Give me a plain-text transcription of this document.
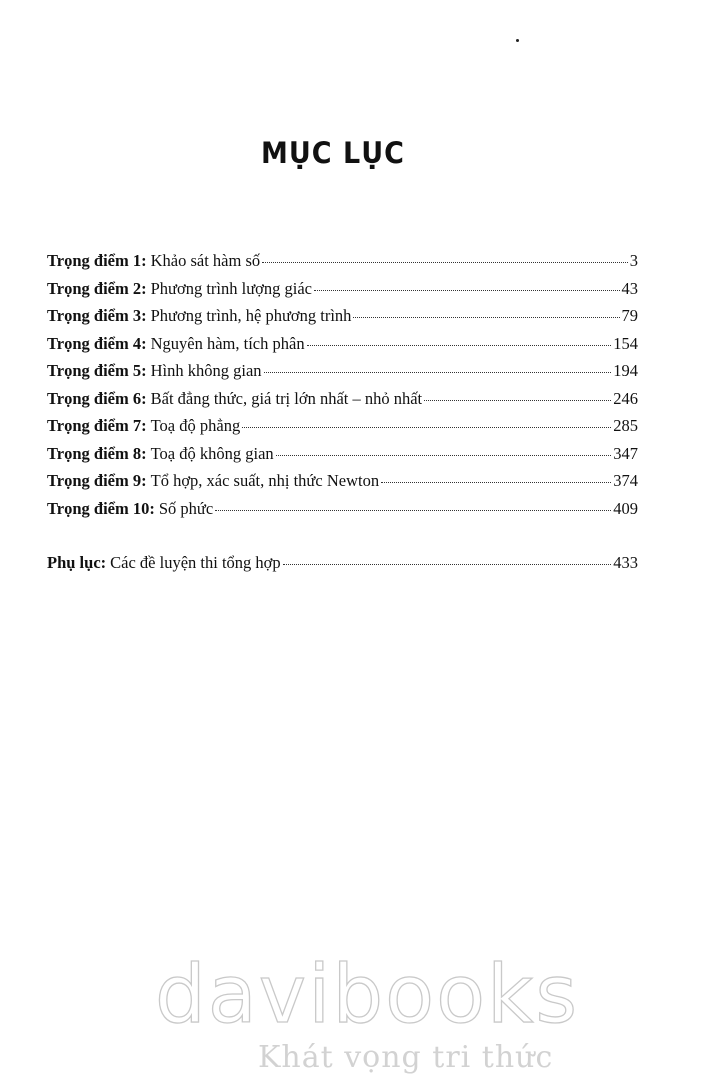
MỤC LỤC
Trọng điểm 1: Khảo sát hàm số	3
Trọng điểm 2: Phương trình lượng giác	43
Trọng điểm 3: Phương trình, hệ phương trình	79
Trọng điểm 4: Nguyên hàm, tích phân	154
Trọng điểm 5: Hình không gian	194
Trọng điểm 6: Bất đẳng thức, giá trị lớn nhất – nhỏ nhất	246
Trọng điểm 7 : Toạ độ phẳng	285
Trọng điểm 8 : Toạ độ không gian	347
Trọng điểm 9: Tổ hợp, xác suất, nhị thức Newton	374
Trọng điểm 10: Số phức	409
Phụ lục: Các đề luyện thi tổng hợp	433
davibooks
Khát vọng tri thức
